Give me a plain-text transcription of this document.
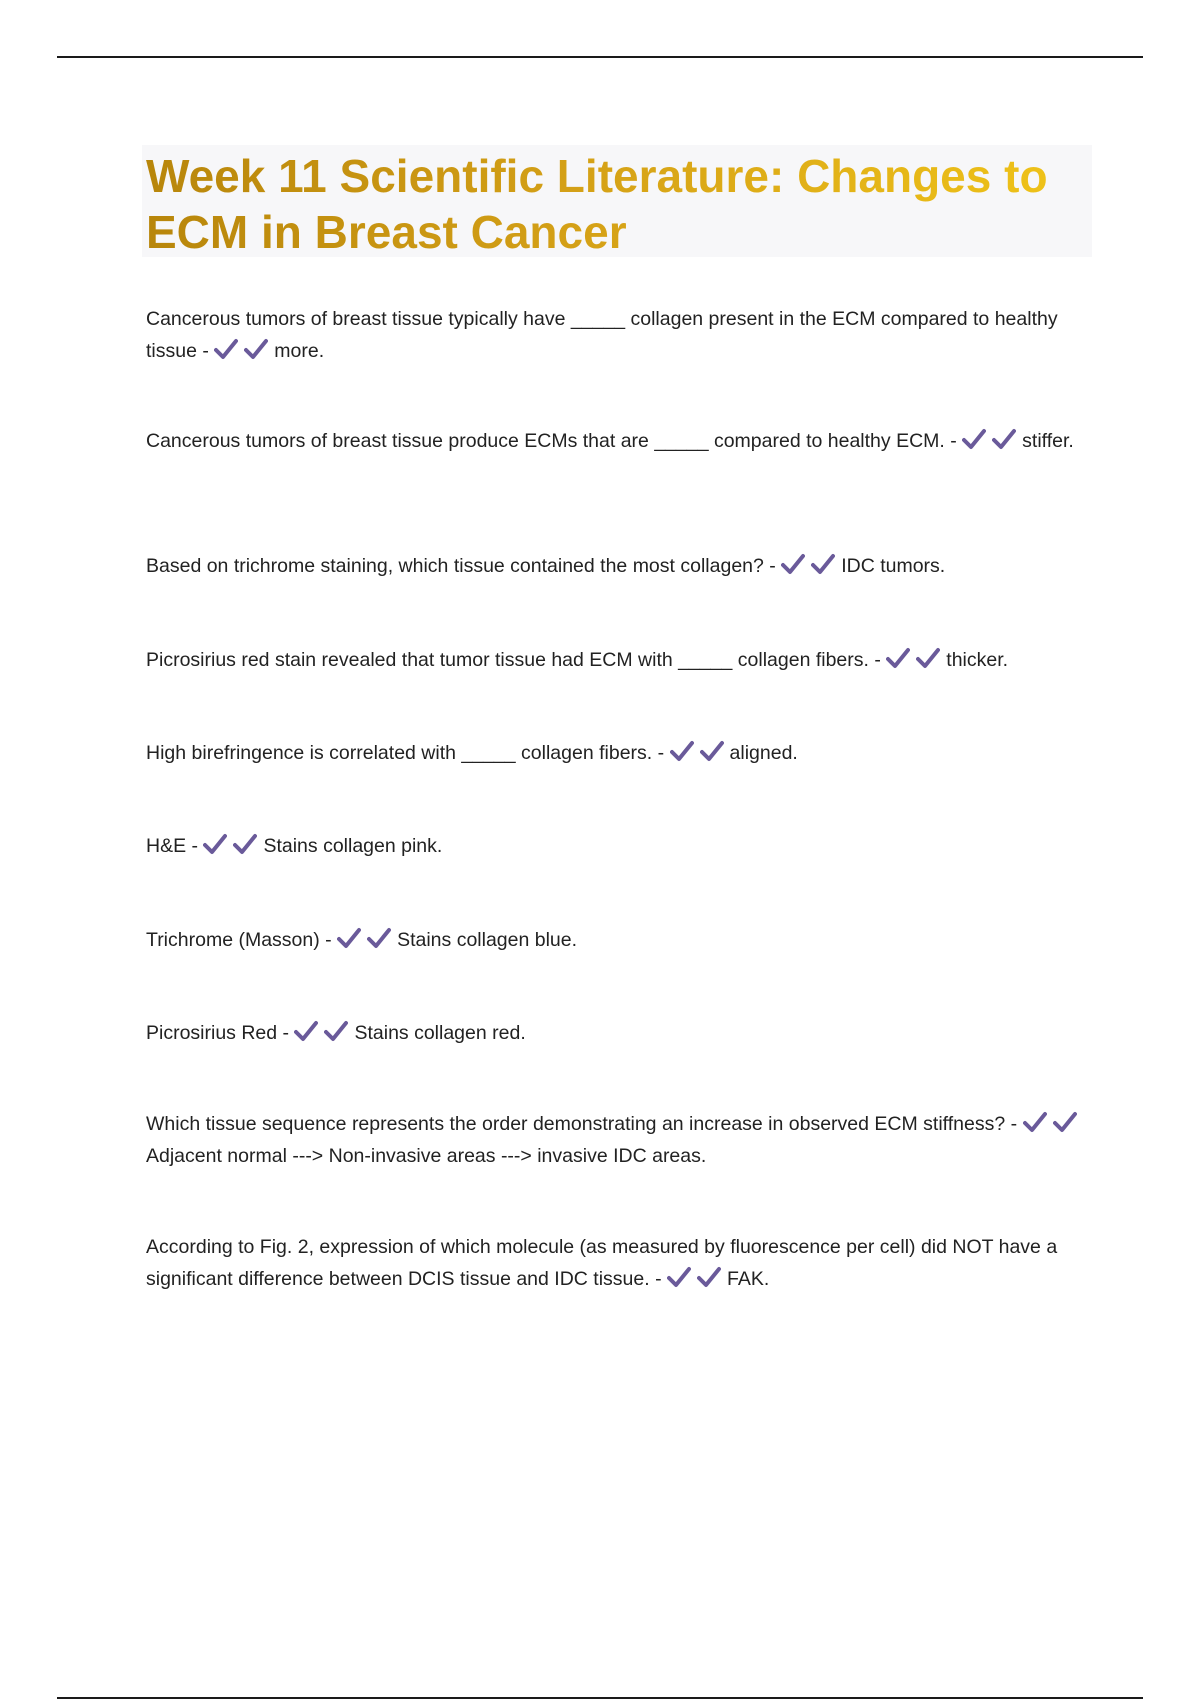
Week 11 Scientific Literature: Changes to ECM in Breast Cancer
Cancerous tumors of breast tissue typically have _____ collagen present in the ECM compared to healthy tissue -	more.
Cancerous tumors of breast tissue produce ECMs that are _____ compared to healthy ECM. -	stiffer.
Based on trichrome staining, which tissue contained the most collagen? -	IDC tumors.
Picrosirius red stain revealed that tumor tissue had ECM with _____ collagen fibers. -	thicker.
High birefringence is correlated with _____ collagen fibers. -	aligned.
H&E -	Stains collagen pink.
Trichrome (Masson) -	Stains collagen blue.
Picrosirius Red -	Stains collagen red.
Which tissue sequence represents the order demonstrating an increase in observed ECM stiffness? -
Adjacent normal ---> Non-invasive areas ---> invasive IDC areas.
According to Fig. 2, expression of which molecule (as measured by fluorescence per cell) did NOT have a significant difference between DCIS tissue and IDC tissue. -	FAK.
